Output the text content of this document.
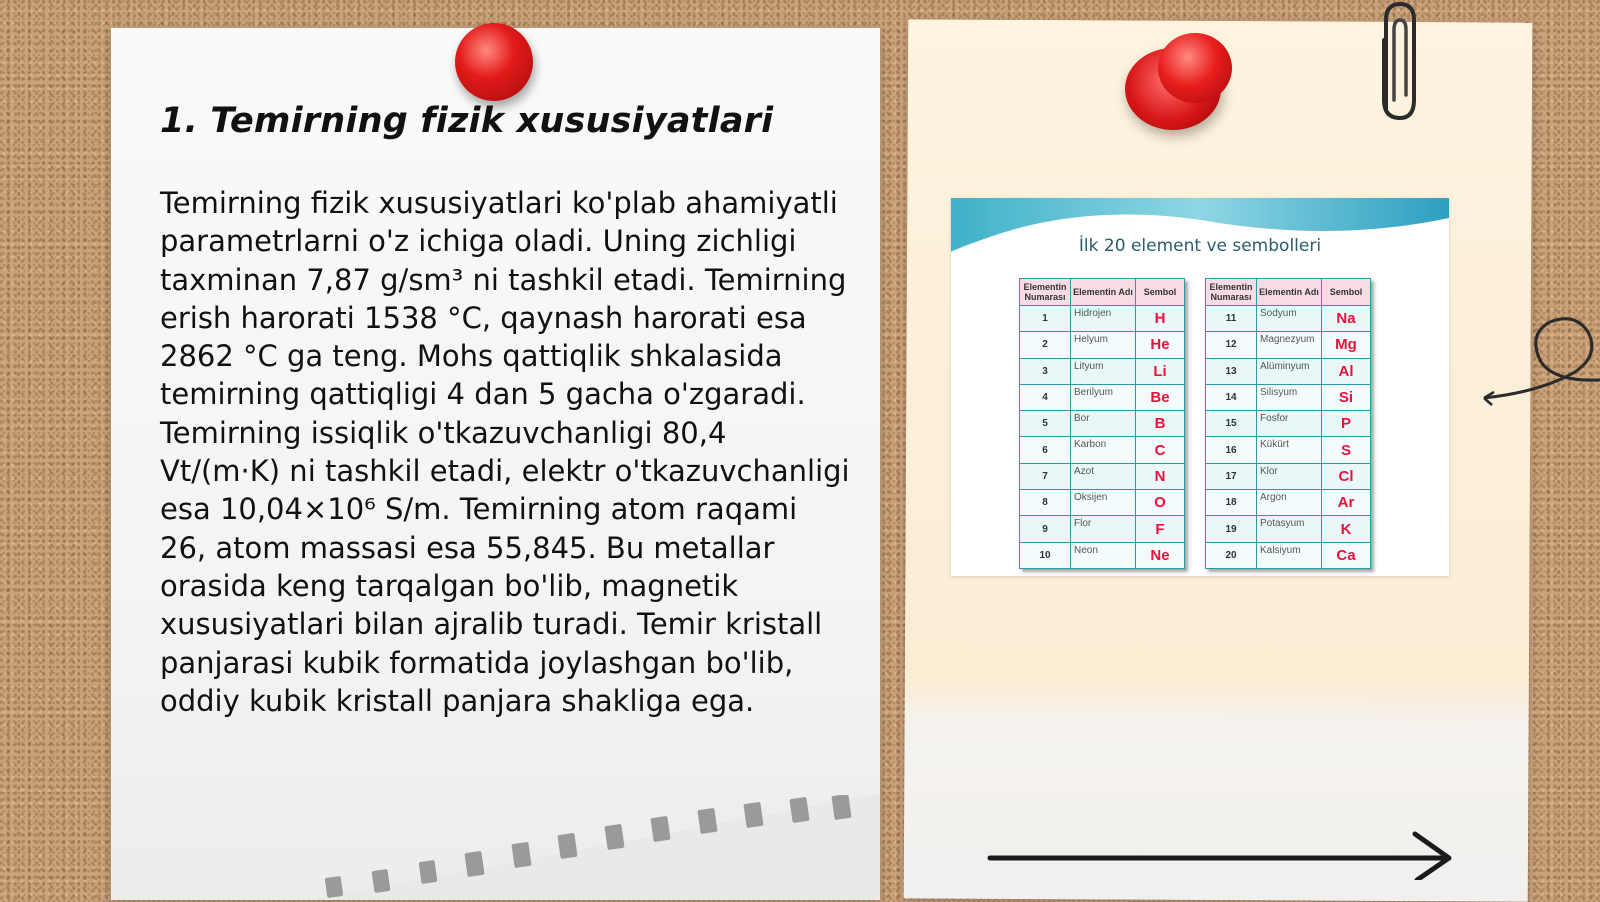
1. Temirning fizik xususiyatlari

Temirning fizik xususiyatlari ko'plab ahamiyatli parametrlarni o'z ichiga oladi. Uning zichligi taxminan 7,87 g/sm³ ni tashkil etadi. Temirning erish harorati 1538 °C, qaynash harorati esa 2862 °C ga teng. Mohs qattiqlik shkalasida temirning qattiqligi 4 dan 5 gacha o'zgaradi. Temirning issiqlik o'tkazuvchanligi 80,4 Vt/(m·K) ni tashkil etadi, elektr o'tkazuvchanligi esa 10,04×10⁶ S/m. Temirning atom raqami 26, atom massasi esa 55,845. Bu metallar orasida keng tarqalgan bo'lib, magnetik xususiyatlari bilan ajralib turadi. Temir kristall panjarasi kubik formatida joylashgan bo'lib, oddiy kubik kristall panjara shakliga ega.

İlk 20 element ve sembolleri
Elementin Numarası	Elementin Adı	Sembol
1	Hidrojen	H
2	Helyum	He
3	Lityum	Li
4	Berilyum	Be
5	Bor	B
6	Karbon	C
7	Azot	N
8	Oksijen	O
9	Flor	F
10	Neon	Ne
Elementin Numarası	Elementin Adı	Sembol
11	Sodyum	Na
12	Magnezyum	Mg
13	Alüminyum	Al
14	Silisyum	Si
15	Fosfor	P
16	Kükürt	S
17	Klor	Cl
18	Argon	Ar
19	Potasyum	K
20	Kalsiyum	Ca
